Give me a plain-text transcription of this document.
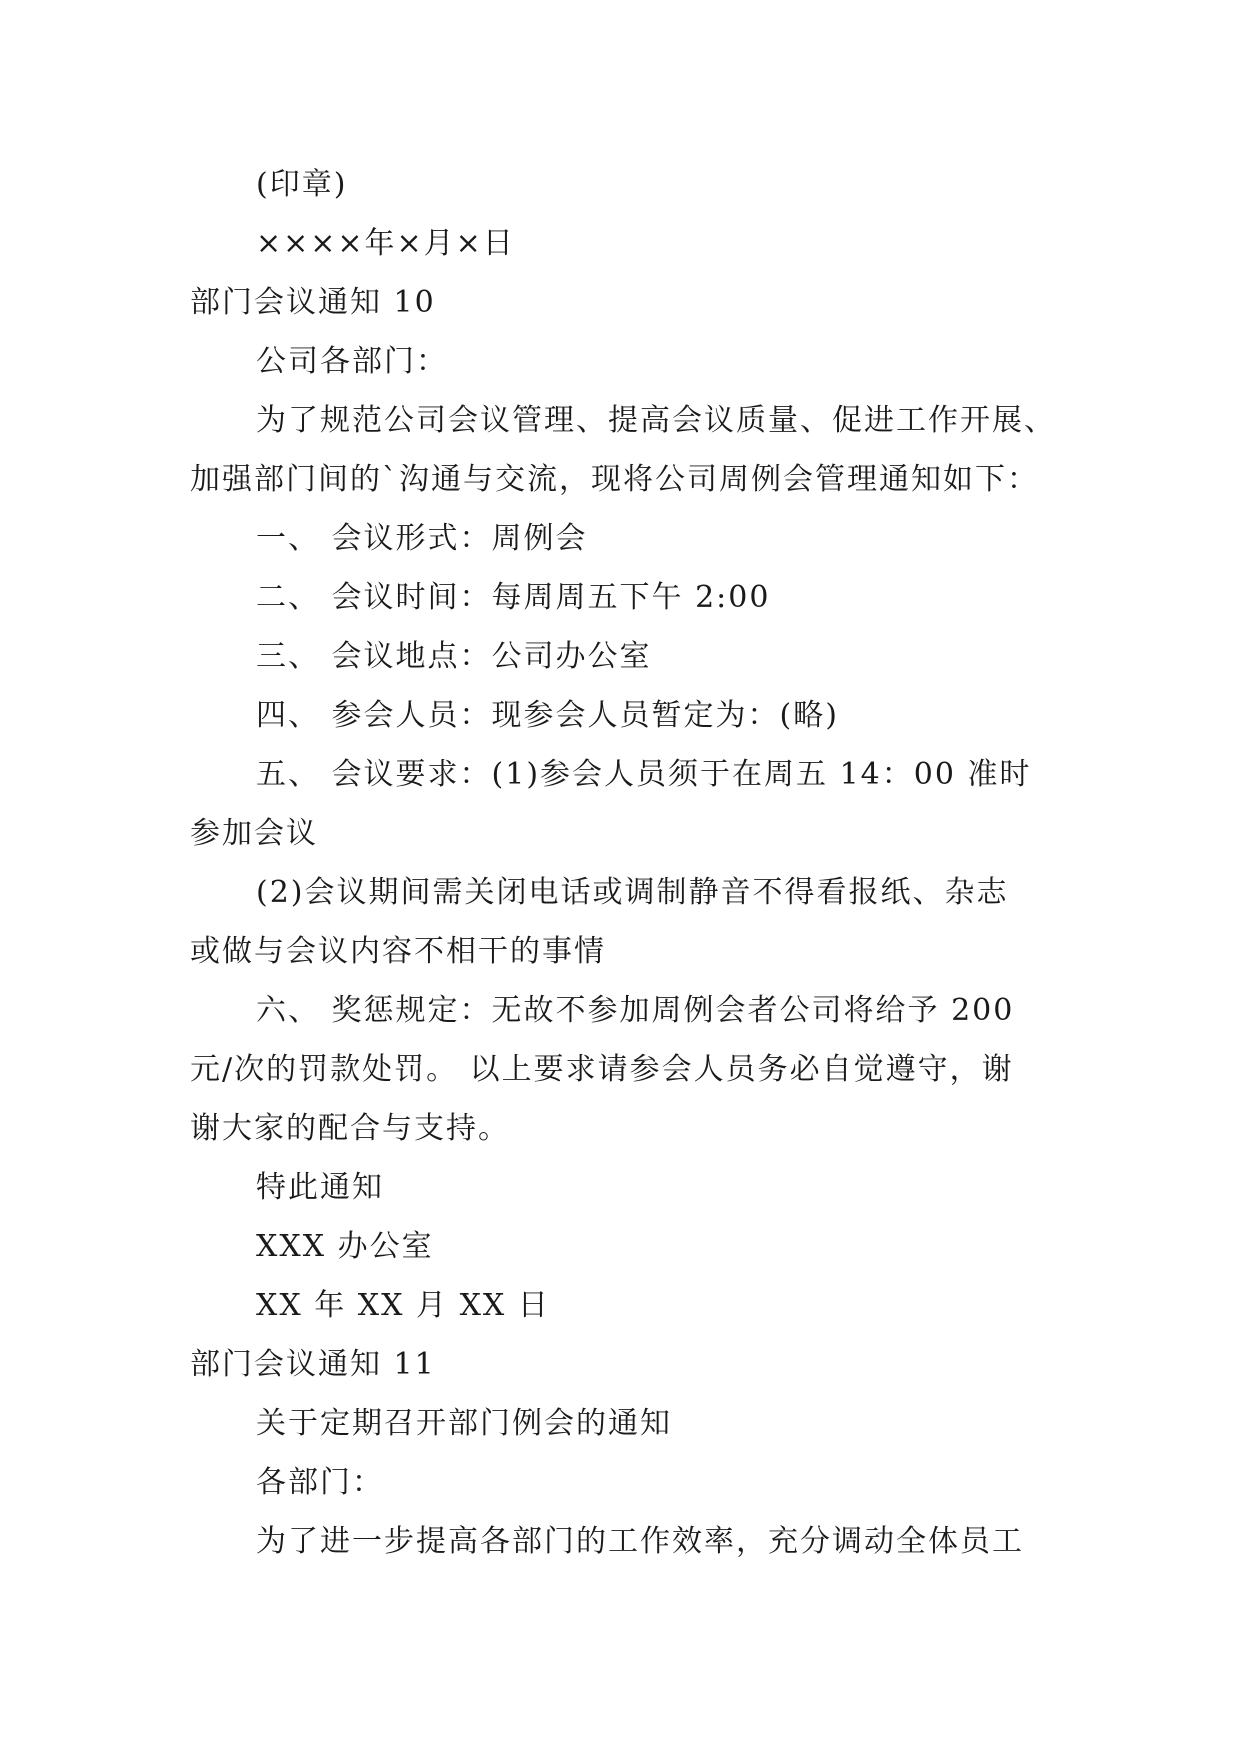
(印章)
××××年×月×日
部门会议通知 10
公司各部门：
为了规范公司会议管理、提高会议质量、促进工作开展、
加强部门间的`沟通与交流，现将公司周例会管理通知如下：
一、 会议形式：周例会
二、 会议时间：每周周五下午 2:00
三、 会议地点：公司办公室
四、 参会人员：现参会人员暂定为：(略)
五、 会议要求：(1)参会人员须于在周五 14：00 准时
参加会议
(2)会议期间需关闭电话或调制静音不得看报纸、杂志
或做与会议内容不相干的事情
六、 奖惩规定：无故不参加周例会者公司将给予 200
元/次的罚款处罚。 以上要求请参会人员务必自觉遵守，谢
谢大家的配合与支持。
特此通知
XXX 办公室
XX 年 XX 月 XX 日
部门会议通知 11
关于定期召开部门例会的通知
各部门：
为了进一步提高各部门的工作效率，充分调动全体员工
